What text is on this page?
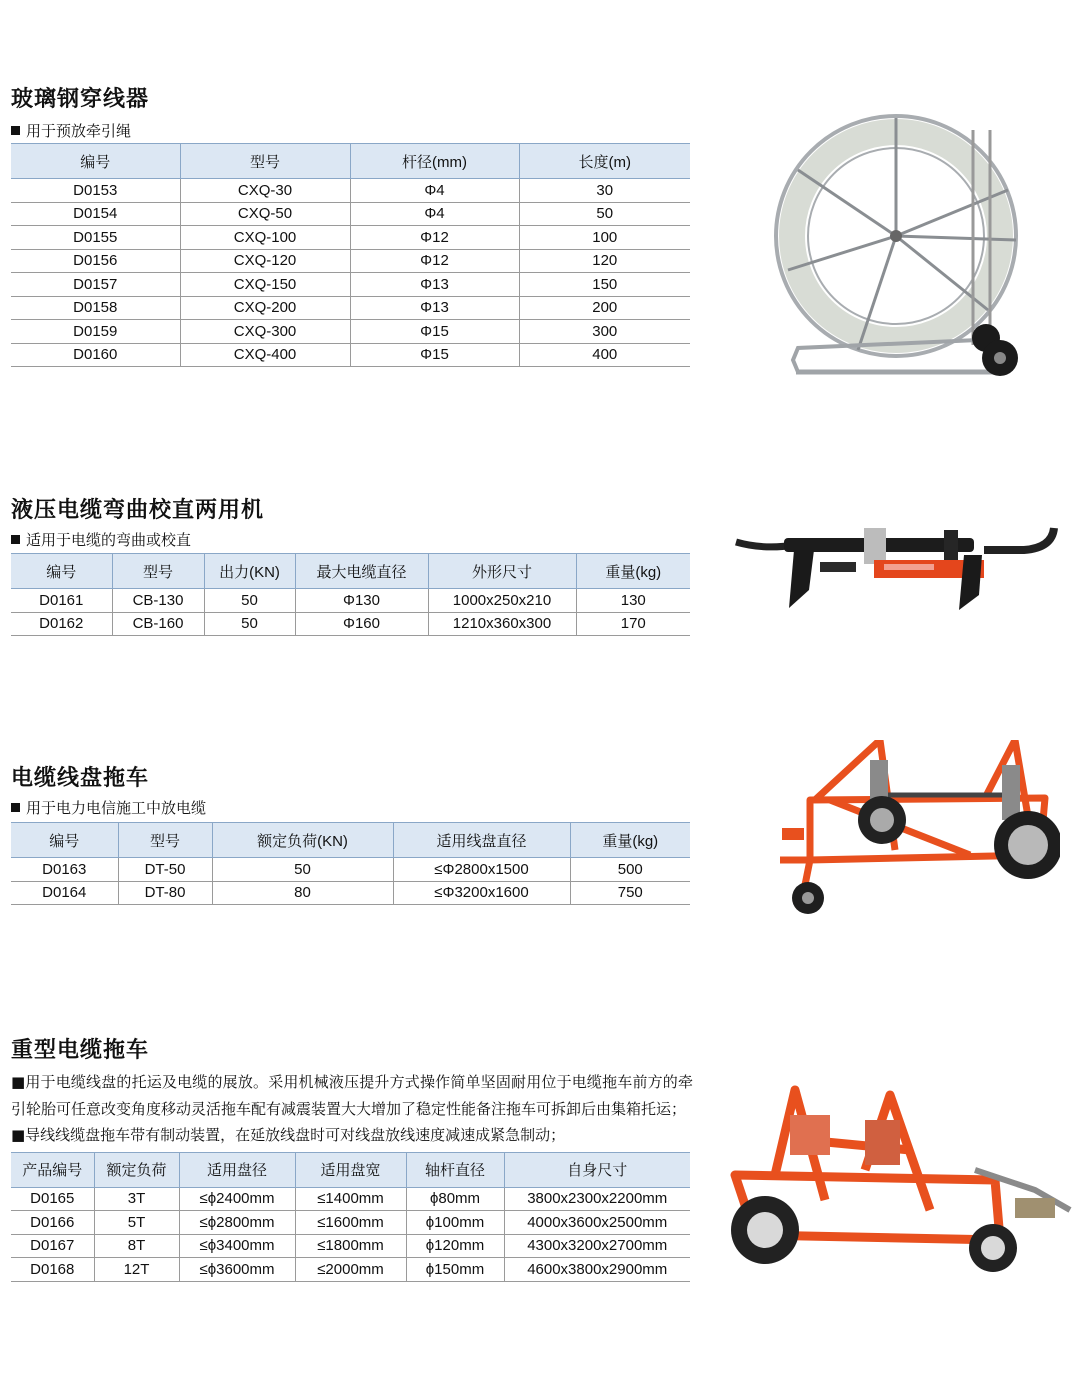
玻璃钢穿线器

用于预放牵引绳

编号	型号	杆径(mm)	长度(m)
D0153	CXQ-30	Φ4	30
D0154	CXQ-50	Φ4	50
D0155	CXQ-100	Φ12	100
D0156	CXQ-120	Φ12	120
D0157	CXQ-150	Φ13	150
D0158	CXQ-200	Φ13	200
D0159	CXQ-300	Φ15	300
D0160	CXQ-400	Φ15	400
液压电缆弯曲校直两用机

适用于电缆的弯曲或校直

编号	型号	出力(KN)	最大电缆直径	外形尺寸	重量(kg)
D0161	CB-130	50	Φ130	1000x250x210	130
D0162	CB-160	50	Φ160	1210x360x300	170
电缆线盘拖车

用于电力电信施工中放电缆

编号	型号	额定负荷(KN)	适用线盘直径	重量(kg)
D0163	DT-50	50	≤Φ2800x1500	500
D0164	DT-80	80	≤Φ3200x1600	750
重型电缆拖车

■用于电缆线盘的托运及电缆的展放。采用机械液压提升方式操作简单坚固耐用位于电缆拖车前方的牵引轮胎可任意改变角度移动灵活拖车配有减震装置大大增加了稳定性能备注拖车可拆卸后由集箱托运；

■导线线缆盘拖车带有制动装置，在延放线盘时可对线盘放线速度减速成紧急制动；

产品编号	额定负荷	适用盘径	适用盘宽	轴杆直径	自身尺寸
D0165	3T	≤ϕ2400mm	≤1400mm	ϕ80mm	3800x2300x2200mm
D0166	5T	≤ϕ2800mm	≤1600mm	ϕ100mm	4000x3600x2500mm
D0167	8T	≤ϕ3400mm	≤1800mm	ϕ120mm	4300x3200x2700mm
D0168	12T	≤ϕ3600mm	≤2000mm	ϕ150mm	4600x3800x2900mm
